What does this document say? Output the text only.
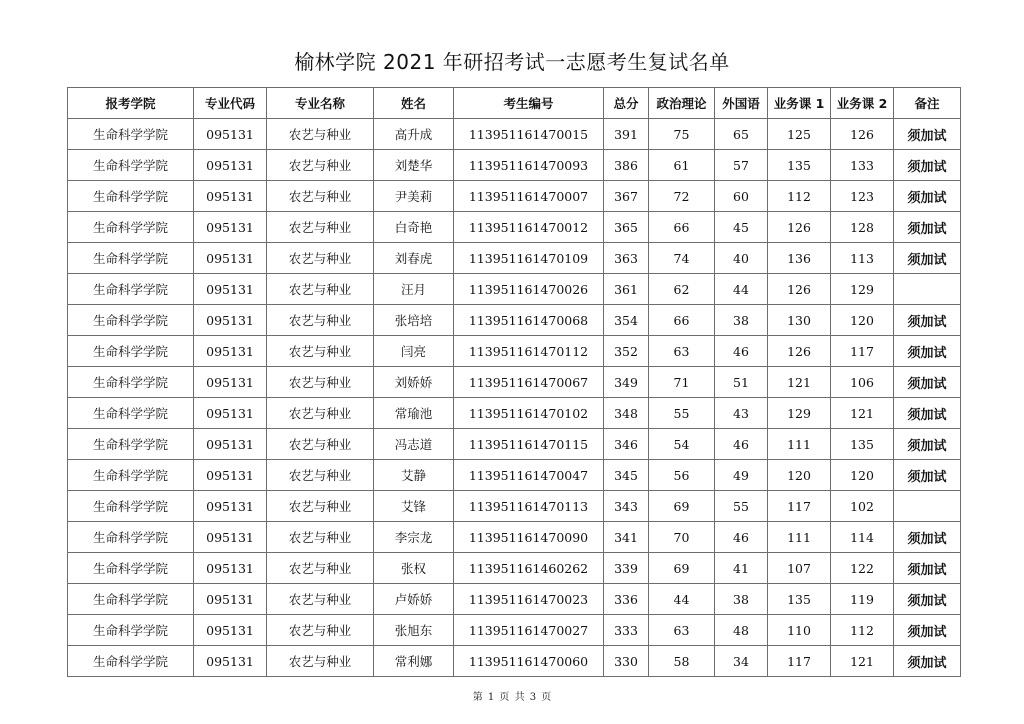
榆林学院 2021 年研招考试一志愿考生复试名单
报考学院	专业代码	专业名称	姓名	考生编号	总分	政治理论	外国语	业务课 1	业务课 2	备注
生命科学学院	095131	农艺与种业	高升成	113951161470015	391	75	65	125	126	须加试
生命科学学院	095131	农艺与种业	刘楚华	113951161470093	386	61	57	135	133	须加试
生命科学学院	095131	农艺与种业	尹美莉	113951161470007	367	72	60	112	123	须加试
生命科学学院	095131	农艺与种业	白奇艳	113951161470012	365	66	45	126	128	须加试
生命科学学院	095131	农艺与种业	刘春虎	113951161470109	363	74	40	136	113	须加试
生命科学学院	095131	农艺与种业	汪月	113951161470026	361	62	44	126	129	
生命科学学院	095131	农艺与种业	张培培	113951161470068	354	66	38	130	120	须加试
生命科学学院	095131	农艺与种业	闫亮	113951161470112	352	63	46	126	117	须加试
生命科学学院	095131	农艺与种业	刘娇娇	113951161470067	349	71	51	121	106	须加试
生命科学学院	095131	农艺与种业	常瑜池	113951161470102	348	55	43	129	121	须加试
生命科学学院	095131	农艺与种业	冯志道	113951161470115	346	54	46	111	135	须加试
生命科学学院	095131	农艺与种业	艾静	113951161470047	345	56	49	120	120	须加试
生命科学学院	095131	农艺与种业	艾锋	113951161470113	343	69	55	117	102	
生命科学学院	095131	农艺与种业	李宗龙	113951161470090	341	70	46	111	114	须加试
生命科学学院	095131	农艺与种业	张权	113951161460262	339	69	41	107	122	须加试
生命科学学院	095131	农艺与种业	卢娇娇	113951161470023	336	44	38	135	119	须加试
生命科学学院	095131	农艺与种业	张旭东	113951161470027	333	63	48	110	112	须加试
生命科学学院	095131	农艺与种业	常利娜	113951161470060	330	58	34	117	121	须加试
第 1 页 共 3 页
